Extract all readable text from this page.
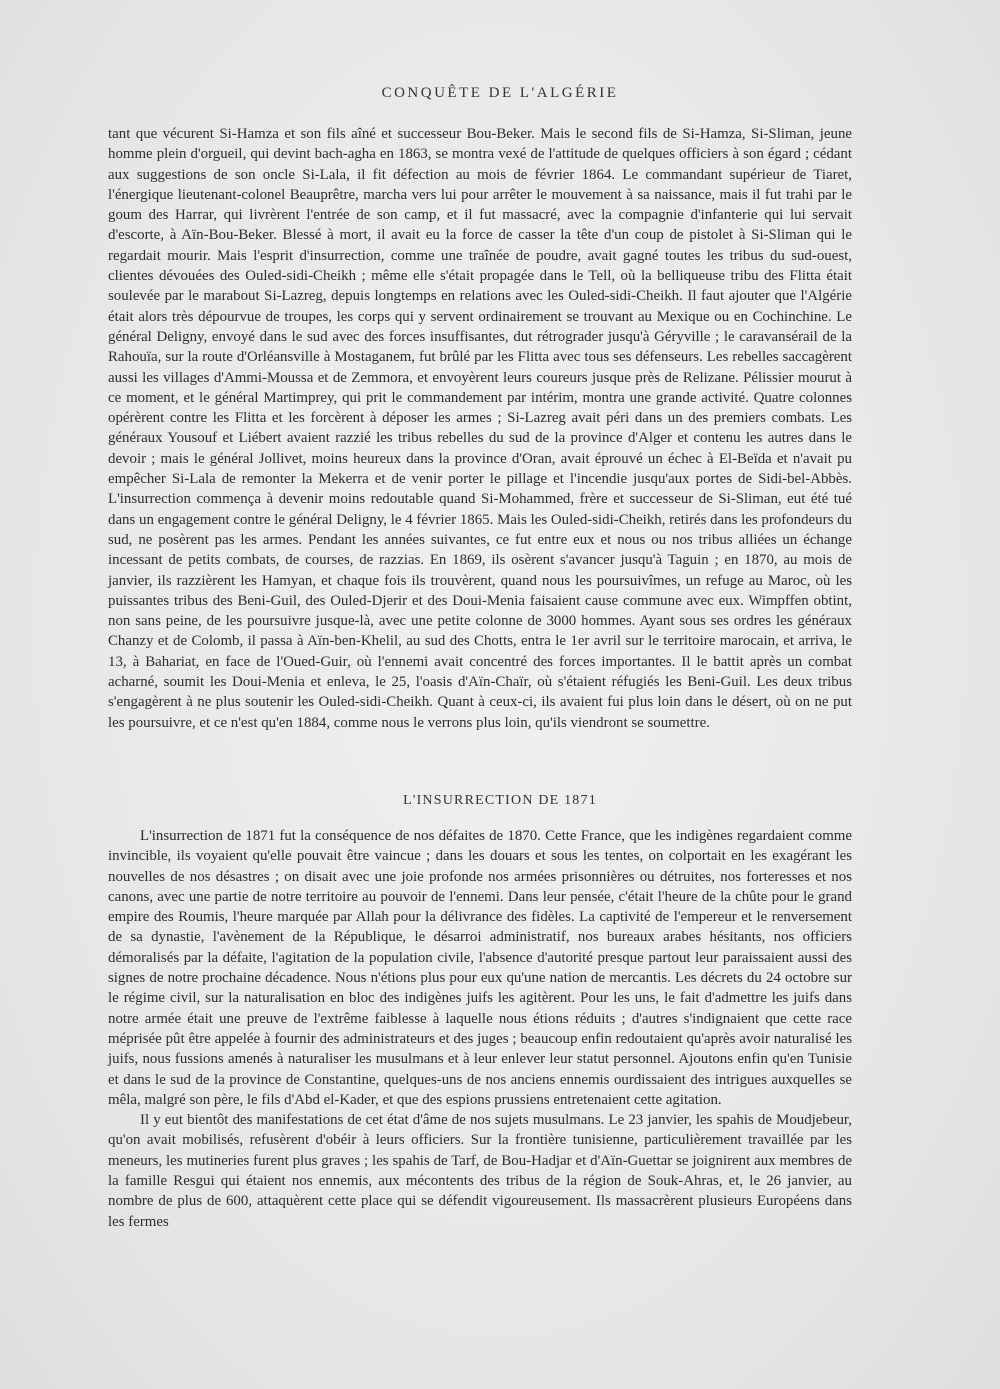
CONQUÊTE DE L'ALGÉRIE

tant que vécurent Si-Hamza et son fils aîné et successeur Bou-Beker. Mais le second fils de Si-Hamza, Si-Sliman, jeune homme plein d'orgueil, qui devint bach-agha en 1863, se montra vexé de l'attitude de quelques officiers à son égard ; cédant aux suggestions de son oncle Si-Lala, il fit défection au mois de février 1864. Le commandant supérieur de Tiaret, l'énergique lieutenant-colonel Beauprêtre, marcha vers lui pour arrêter le mouvement à sa naissance, mais il fut trahi par le goum des Harrar, qui livrèrent l'entrée de son camp, et il fut massacré, avec la compagnie d'infanterie qui lui servait d'escorte, à Aïn-Bou-Beker. Blessé à mort, il avait eu la force de casser la tête d'un coup de pistolet à Si-Sliman qui le regardait mourir. Mais l'esprit d'insurrection, comme une traînée de poudre, avait gagné toutes les tribus du sud-ouest, clientes dévouées des Ouled-sidi-Cheikh ; même elle s'était propagée dans le Tell, où la belliqueuse tribu des Flitta était soulevée par le marabout Si-Lazreg, depuis longtemps en relations avec les Ouled-sidi-Cheikh. Il faut ajouter que l'Algérie était alors très dépourvue de troupes, les corps qui y servent ordinairement se trouvant au Mexique ou en Cochinchine. Le général Deligny, envoyé dans le sud avec des forces insuffisantes, dut rétrograder jusqu'à Géryville ; le caravansérail de la Rahouïa, sur la route d'Orléansville à Mostaganem, fut brûlé par les Flitta avec tous ses défenseurs. Les rebelles saccagèrent aussi les villages d'Ammi-Moussa et de Zemmora, et envoyèrent leurs coureurs jusque près de Relizane. Pélissier mourut à ce moment, et le général Martimprey, qui prit le commandement par intérim, montra une grande activité. Quatre colonnes opérèrent contre les Flitta et les forcèrent à déposer les armes ; Si-Lazreg avait péri dans un des premiers combats. Les généraux Yousouf et Liébert avaient razzié les tribus rebelles du sud de la province d'Alger et contenu les autres dans le devoir ; mais le général Jollivet, moins heureux dans la province d'Oran, avait éprouvé un échec à El-Beïda et n'avait pu empêcher Si-Lala de remonter la Mekerra et de venir porter le pillage et l'incendie jusqu'aux portes de Sidi-bel-Abbès. L'insurrection commença à devenir moins redoutable quand Si-Mohammed, frère et successeur de Si-Sliman, eut été tué dans un engagement contre le général Deligny, le 4 février 1865. Mais les Ouled-sidi-Cheikh, retirés dans les profondeurs du sud, ne posèrent pas les armes. Pendant les années suivantes, ce fut entre eux et nous ou nos tribus alliées un échange incessant de petits combats, de courses, de razzias. En 1869, ils osèrent s'avancer jusqu'à Taguin ; en 1870, au mois de janvier, ils razzièrent les Hamyan, et chaque fois ils trouvèrent, quand nous les poursuivîmes, un refuge au Maroc, où les puissantes tribus des Beni-Guil, des Ouled-Djerir et des Doui-Menia faisaient cause commune avec eux. Wimpffen obtint, non sans peine, de les poursuivre jusque-là, avec une petite colonne de 3000 hommes. Ayant sous ses ordres les généraux Chanzy et de Colomb, il passa à Aïn-ben-Khelil, au sud des Chotts, entra le 1er avril sur le territoire marocain, et arriva, le 13, à Bahariat, en face de l'Oued-Guir, où l'ennemi avait concentré des forces importantes. Il le battit après un combat acharné, soumit les Doui-Menia et enleva, le 25, l'oasis d'Aïn-Chaïr, où s'étaient réfugiés les Beni-Guil. Les deux tribus s'engagèrent à ne plus soutenir les Ouled-sidi-Cheikh. Quant à ceux-ci, ils avaient fui plus loin dans le désert, où on ne put les poursuivre, et ce n'est qu'en 1884, comme nous le verrons plus loin, qu'ils viendront se soumettre.

L'INSURRECTION DE 1871

L'insurrection de 1871 fut la conséquence de nos défaites de 1870. Cette France, que les indigènes regardaient comme invincible, ils voyaient qu'elle pouvait être vaincue ; dans les douars et sous les tentes, on colportait en les exagérant les nouvelles de nos désastres ; on disait avec une joie profonde nos armées prisonnières ou détruites, nos forteresses et nos canons, avec une partie de notre territoire au pouvoir de l'ennemi. Dans leur pensée, c'était l'heure de la chûte pour le grand empire des Roumis, l'heure marquée par Allah pour la délivrance des fidèles. La captivité de l'empereur et le renversement de sa dynastie, l'avènement de la République, le désarroi administratif, nos bureaux arabes hésitants, nos officiers démoralisés par la défaite, l'agitation de la population civile, l'absence d'autorité presque partout leur paraissaient aussi des signes de notre prochaine décadence. Nous n'étions plus pour eux qu'une nation de mercantis. Les décrets du 24 octobre sur le régime civil, sur la naturalisation en bloc des indigènes juifs les agitèrent. Pour les uns, le fait d'admettre les juifs dans notre armée était une preuve de l'extrême faiblesse à laquelle nous étions réduits ; d'autres s'indignaient que cette race méprisée pût être appelée à fournir des administrateurs et des juges ; beaucoup enfin redoutaient qu'après avoir naturalisé les juifs, nous fussions amenés à naturaliser les musulmans et à leur enlever leur statut personnel. Ajoutons enfin qu'en Tunisie et dans le sud de la province de Constantine, quelques-uns de nos anciens ennemis ourdissaient des intrigues auxquelles se mêla, malgré son père, le fils d'Abd el-Kader, et que des espions prussiens entretenaient cette agitation.

Il y eut bientôt des manifestations de cet état d'âme de nos sujets musulmans. Le 23 janvier, les spahis de Moudjebeur, qu'on avait mobilisés, refusèrent d'obéir à leurs officiers. Sur la frontière tunisienne, particulièrement travaillée par les meneurs, les mutineries furent plus graves ; les spahis de Tarf, de Bou-Hadjar et d'Aïn-Guettar se joignirent aux membres de la famille Resgui qui étaient nos ennemis, aux mécontents des tribus de la région de Souk-Ahras, et, le 26 janvier, au nombre de plus de 600, attaquèrent cette place qui se défendit vigoureusement. Ils massacrèrent plusieurs Européens dans les fermes
